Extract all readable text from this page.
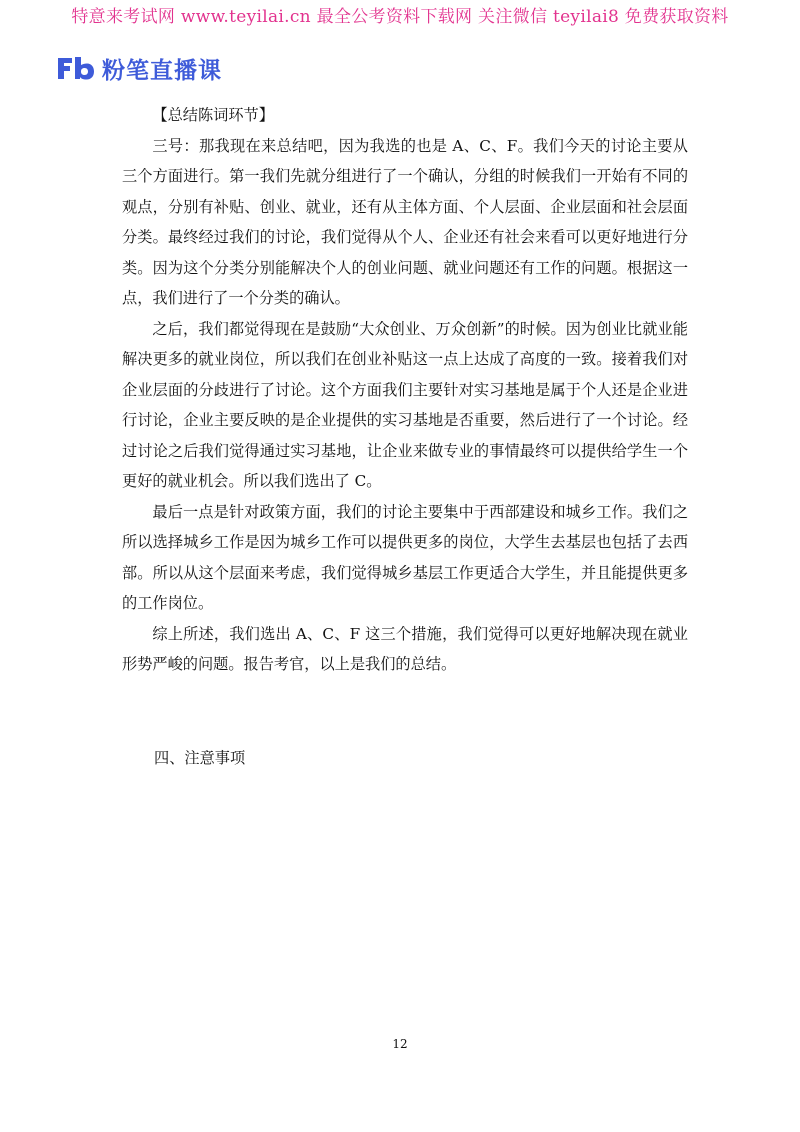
特意来考试网 www.teyilai.cn 最全公考资料下载网 关注微信 teyilai8 免费获取资料
粉笔直播课

【总结陈词环节】

三号：那我现在来总结吧，因为我选的也是 A、C、F。我们今天的讨论主要从三个方面进行。第一我们先就分组进行了一个确认，分组的时候我们一开始有不同的观点，分别有补贴、创业、就业，还有从主体方面、个人层面、企业层面和社会层面分类。最终经过我们的讨论，我们觉得从个人、企业还有社会来看可以更好地进行分类。因为这个分类分别能解决个人的创业问题、就业问题还有工作的问题。根据这一点，我们进行了一个分类的确认。

之后，我们都觉得现在是鼓励“大众创业、万众创新”的时候。因为创业比就业能解决更多的就业岗位，所以我们在创业补贴这一点上达成了高度的一致。接着我们对企业层面的分歧进行了讨论。这个方面我们主要针对实习基地是属于个人还是企业进行讨论，企业主要反映的是企业提供的实习基地是否重要，然后进行了一个讨论。经过讨论之后我们觉得通过实习基地，让企业来做专业的事情最终可以提供给学生一个更好的就业机会。所以我们选出了 C。

最后一点是针对政策方面，我们的讨论主要集中于西部建设和城乡工作。我们之所以选择城乡工作是因为城乡工作可以提供更多的岗位，大学生去基层也包括了去西部。所以从这个层面来考虑，我们觉得城乡基层工作更适合大学生，并且能提供更多的工作岗位。

综上所述，我们选出 A、C、F 这三个措施，我们觉得可以更好地解决现在就业形势严峻的问题。报告考官，以上是我们的总结。

四、注意事项

12
